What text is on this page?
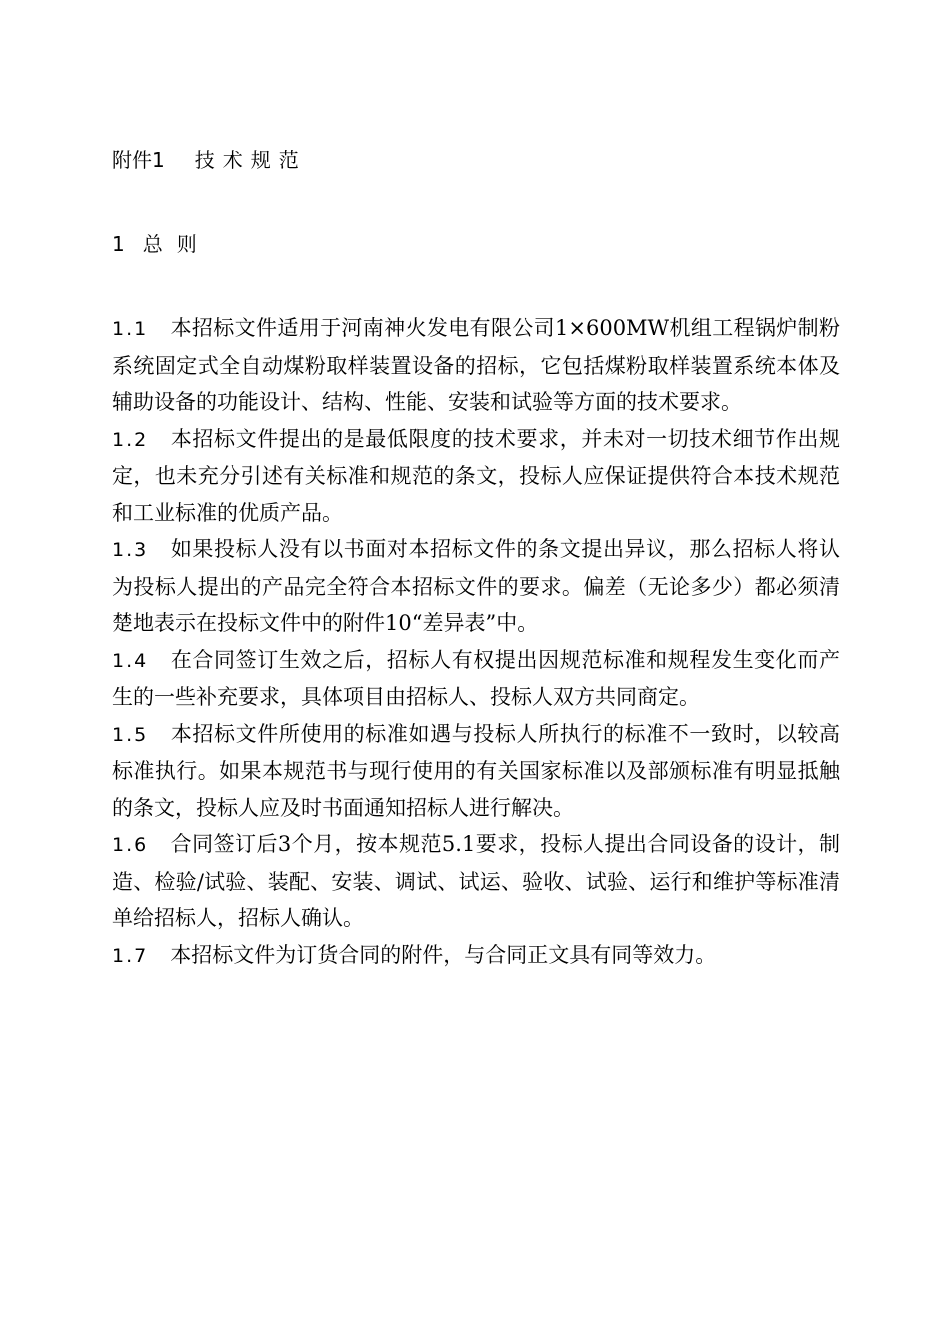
附件1 技术规范
1 总则

1.1 本招标文件适用于河南神火发电有限公司1×600MW机组工程锅炉制粉系统固定式全自动煤粉取样装置设备的招标，它包括煤粉取样装置系统本体及辅助设备的功能设计、结构、性能、安装和试验等方面的技术要求。

1.2 本招标文件提出的是最低限度的技术要求，并未对一切技术细节作出规定，也未充分引述有关标准和规范的条文，投标人应保证提供符合本技术规范和工业标准的优质产品。

1.3 如果投标人没有以书面对本招标文件的条文提出异议，那么招标人将认为投标人提出的产品完全符合本招标文件的要求。偏差（无论多少）都必须清楚地表示在投标文件中的附件10“差异表”中。

1.4 在合同签订生效之后，招标人有权提出因规范标准和规程发生变化而产生的一些补充要求，具体项目由招标人、投标人双方共同商定。

1.5 本招标文件所使用的标准如遇与投标人所执行的标准不一致时，以较高标准执行。如果本规范书与现行使用的有关国家标准以及部颁标准有明显抵触的条文，投标人应及时书面通知招标人进行解决。

1.6 合同签订后3个月，按本规范5.1要求，投标人提出合同设备的设计，制造、检验/试验、装配、安装、调试、试运、验收、试验、运行和维护等标准清单给招标人，招标人确认。

1.7 本招标文件为订货合同的附件，与合同正文具有同等效力。
